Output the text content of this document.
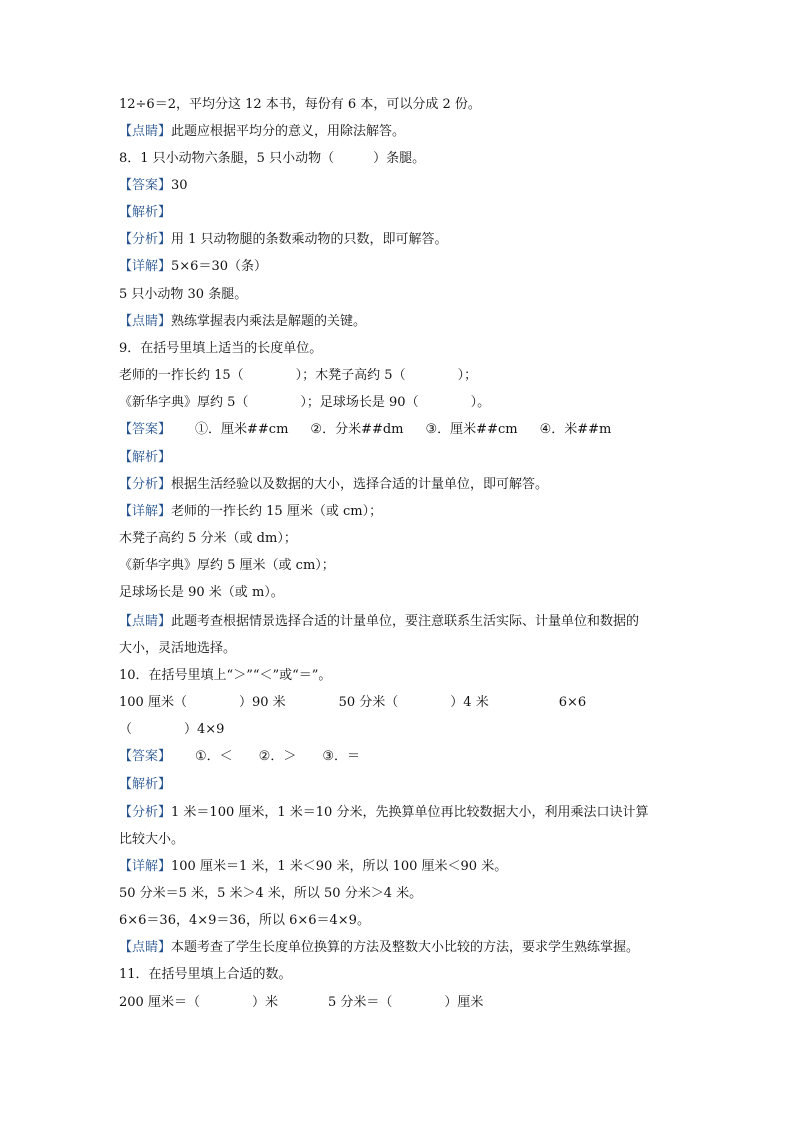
12÷6＝2，平均分这 12 本书，每份有 6 本，可以分成 2 份。
【点睛】此题应根据平均分的意义，用除法解答。
8．1 只小动物六条腿，5 只小动物（　　　）条腿。
【答案】30
【解析】
【分析】用 1 只动物腿的条数乘动物的只数，即可解答。
【详解】5×6＝30（条）
5 只小动物 30 条腿。
【点睛】熟练掌握表内乘法是解题的关键。
9．在括号里填上适当的长度单位。
老师的一拃长约 15（　　　　）；木凳子高约 5（　　　　）；
《新华字典》厚约 5（　　　　）；足球场长是 90（　　　　）。
【答案】 ①．厘米##cm ②．分米##dm ③．厘米##cm ④．米##m
【解析】
【分析】根据生活经验以及数据的大小，选择合适的计量单位，即可解答。
【详解】老师的一拃长约 15 厘米（或 cm）；
木凳子高约 5 分米（或 dm）；
《新华字典》厚约 5 厘米（或 cm）；
足球场长是 90 米（或 m）。
【点睛】此题考查根据情景选择合适的计量单位，要注意联系生活实际、计量单位和数据的
大小，灵活地选择。
10．在括号里填上“＞”“＜”或“＝”。
100 厘米（　　　　）90 米	50 分米（　　　　）4 米	6×6
（　　　　）4×9
【答案】 ①．＜ ②．＞ ③．＝
【解析】
【分析】1 米＝100 厘米，1 米＝10 分米，先换算单位再比较数据大小，利用乘法口诀计算
比较大小。
【详解】100 厘米＝1 米，1 米＜90 米，所以 100 厘米＜90 米。
50 分米＝5 米，5 米＞4 米，所以 50 分米＞4 米。
6×6＝36，4×9＝36，所以 6×6＝4×9。
【点睛】本题考查了学生长度单位换算的方法及整数大小比较的方法，要求学生熟练掌握。
11．在括号里填上合适的数。
200 厘米＝（　　　　）米	5 分米＝（　　　　）厘米
